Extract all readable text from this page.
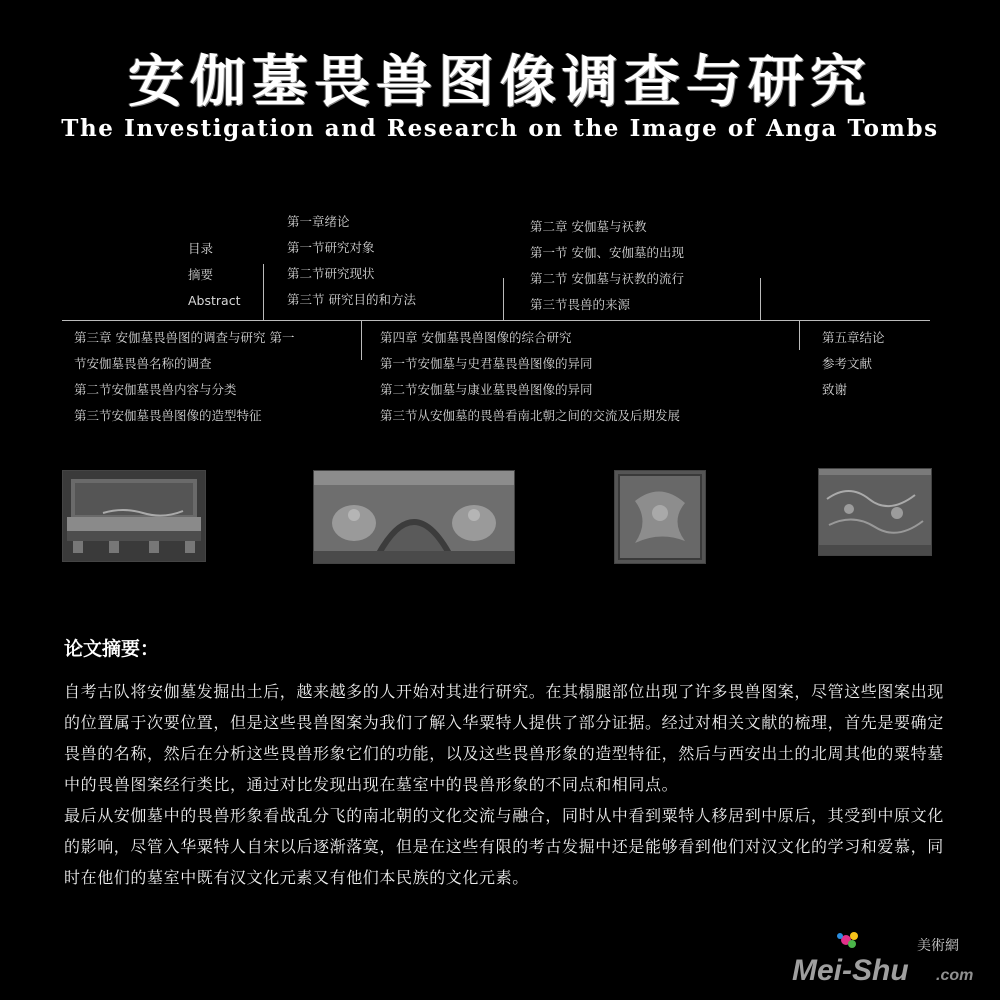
安伽墓畏兽图像调查与研究
The Investigation and Research on the Image of Anga Tombs
目录
摘要
Abstract
第一章绪论
第一节研究对象
第二节研究现状
第三节 研究目的和方法
第二章 安伽墓与祆教
第一节 安伽、安伽墓的出现
第二节 安伽墓与祆教的流行
第三节畏兽的来源
第三章 安伽墓畏兽图的调查与研究 第一
节安伽墓畏兽名称的调查
第二节安伽墓畏兽内容与分类
第三节安伽墓畏兽图像的造型特征
第四章 安伽墓畏兽图像的综合研究
第一节安伽墓与史君墓畏兽图像的异同
第二节安伽墓与康业墓畏兽图像的异同
第三节从安伽墓的畏兽看南北朝之间的交流及后期发展
第五章结论
参考文献
致谢
论文摘要：

自考古队将安伽墓发掘出土后，越来越多的人开始对其进行研究。在其榻腿部位出现了许多畏兽图案，尽管这些图案出现的位置属于次要位置，但是这些畏兽图案为我们了解入华粟特人提供了部分证据。经过对相关文献的梳理，首先是要确定畏兽的名称，然后在分析这些畏兽形象它们的功能，以及这些畏兽形象的造型特征，然后与西安出土的北周其他的粟特墓中的畏兽图案经行类比，通过对比发现出现在墓室中的畏兽形象的不同点和相同点。

最后从安伽墓中的畏兽形象看战乱分飞的南北朝的文化交流与融合，同时从中看到粟特人移居到中原后，其受到中原文化的影响，尽管入华粟特人自宋以后逐渐落寞，但是在这些有限的考古发掘中还是能够看到他们对汉文化的学习和爱慕，同时在他们的墓室中既有汉文化元素又有他们本民族的文化元素。

美術網
Mei-Shu .com
